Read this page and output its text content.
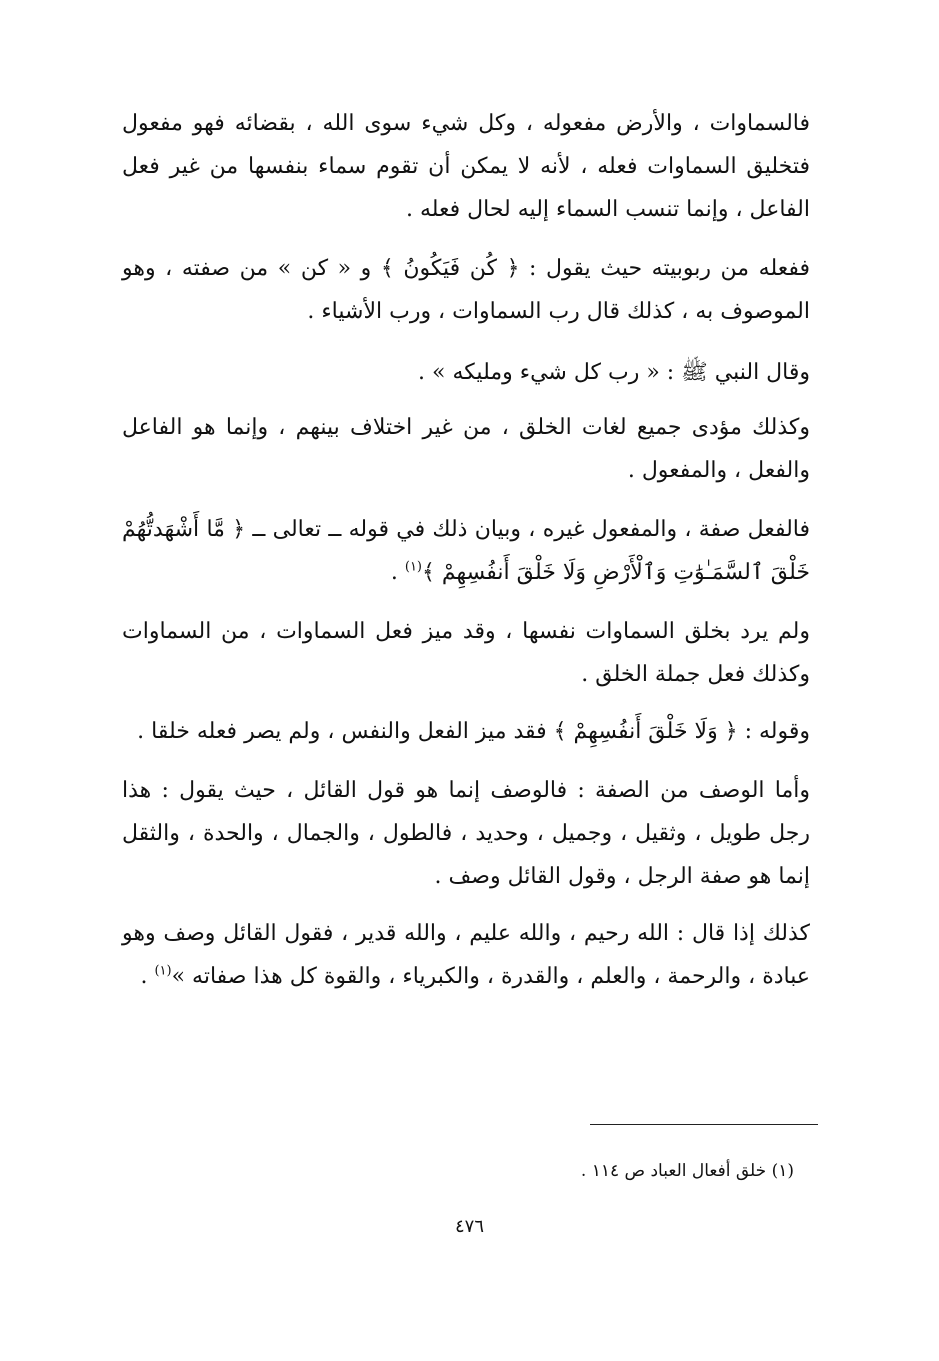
فالسماوات ، والأرض مفعوله ، وكل شيء سوى الله ، بقضائه فهو مفعول فتخليق السماوات فعله ، لأنه لا يمكن أن تقوم سماء بنفسها من غير فعل الفاعل ، وإنما تنسب السماء إليه لحال فعله .

ففعله من ربوبيته حيث يقول : ﴿ كُن فَيَكُونُ ﴾ و « كن » من صفته ، وهو الموصوف به ، كذلك قال رب السماوات ، ورب الأشياء .

وقال النبي ﷺ : « رب كل شيء ومليكه » .

وكذلك مؤدى جميع لغات الخلق ، من غير اختلاف بينهم ، وإنما هو الفاعل والفعل ، والمفعول .

فالفعل صفة ، والمفعول غيره ، وبيان ذلك في قوله ــ تعالى ــ ﴿ مَّا أَشْهَدتُّهُمْ خَلْقَ ٱلسَّمَـٰوَٰتِ وَٱلْأَرْضِ وَلَا خَلْقَ أَنفُسِهِمْ ﴾$^{(١)}$ .

ولم يرد بخلق السماوات نفسها ، وقد ميز فعل السماوات ، من السماوات وكذلك فعل جملة الخلق .

وقوله : ﴿ وَلَا خَلْقَ أَنفُسِهِمْ ﴾ فقد ميز الفعل والنفس ، ولم يصر فعله خلقا .

وأما الوصف من الصفة : فالوصف إنما هو قول القائل ، حيث يقول : هذا رجل طويل ، وثقيل ، وجميل ، وحديد ، فالطول ، والجمال ، والحدة ، والثقل إنما هو صفة الرجل ، وقول القائل وصف .

كذلك إذا قال : الله رحيم ، والله عليم ، والله قدير ، فقول القائل وصف وهو عبادة ، والرحمة ، والعلم ، والقدرة ، والكبرياء ، والقوة كل هذا صفاته »$^{(١)}$ .

(١) خلق أفعال العباد ص ١١٤ .
٤٧٦
